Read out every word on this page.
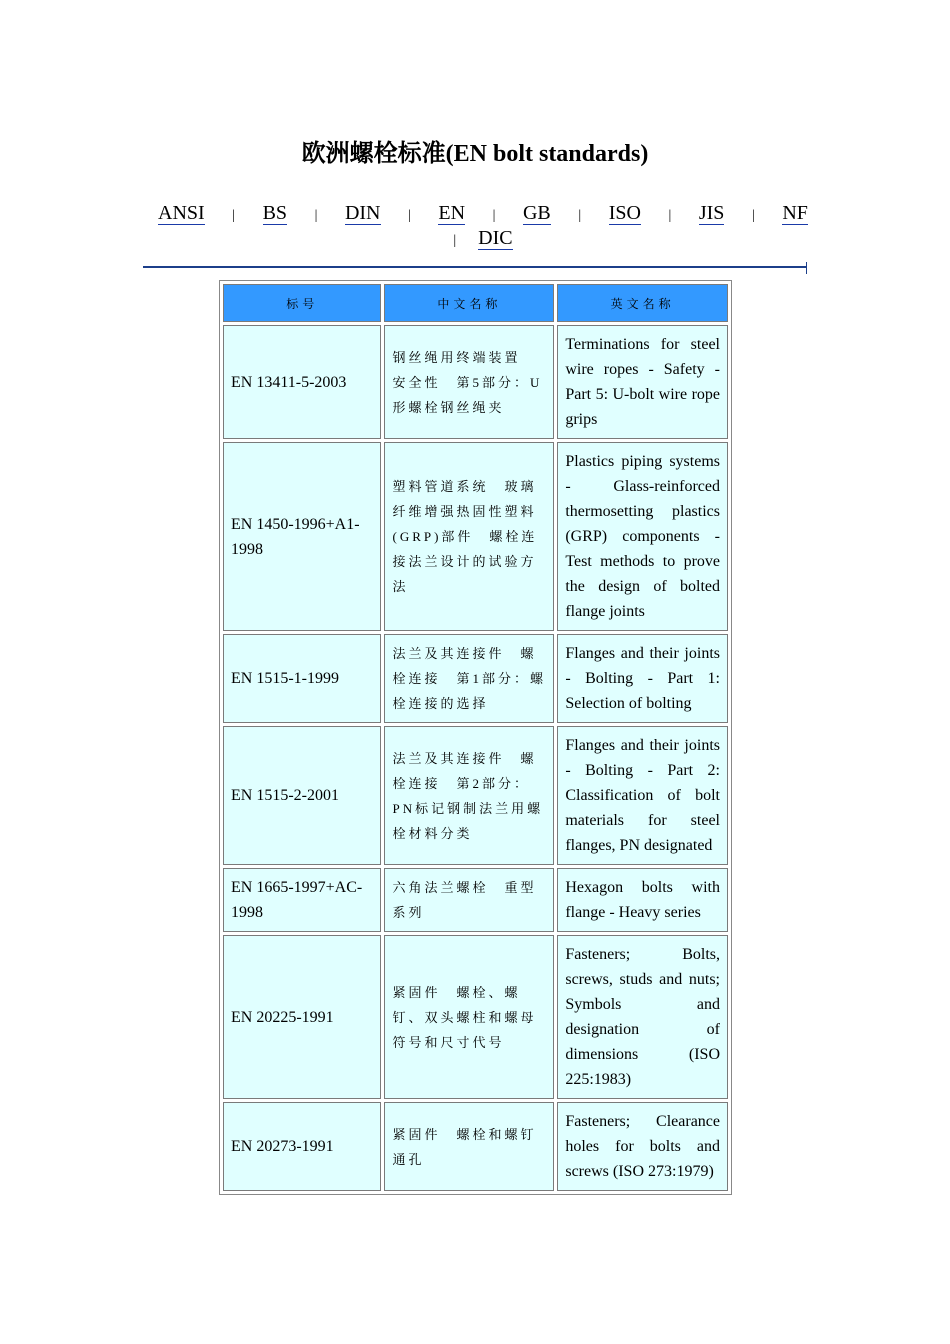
欧洲螺栓标准(EN bolt standards)
ANSI | BS | DIN | EN | GB | ISO | JIS | NF
| DIC
标号	中文名称	英文名称
EN 13411-5-2003	钢丝绳用终端装置　安全性　第5部分：U形螺栓钢丝绳夹	Terminations for steel wire ropes - Safety - Part 5: U-bolt wire rope grips
EN 1450-1996+A1-1998	塑料管道系统　玻璃纤维增强热固性塑料(GRP)部件　螺栓连接法兰设计的试验方法	Plastics piping systems - Glass-reinforced thermosetting plastics (GRP) components - Test methods to prove the design of bolted flange joints
EN 1515-1-1999	法兰及其连接件　螺栓连接　第1部分：螺栓连接的选择	Flanges and their joints - Bolting - Part 1: Selection of bolting
EN 1515-2-2001	法兰及其连接件　螺栓连接　第2部分：PN标记钢制法兰用螺栓材料分类	Flanges and their joints - Bolting - Part 2: Classification of bolt materials for steel flanges, PN designated
EN 1665-1997+AC-1998	六角法兰螺栓　重型系列	Hexagon bolts with flange - Heavy series
EN 20225-1991	紧固件　螺栓、螺钉、双头螺柱和螺母　符号和尺寸代号	Fasteners; Bolts, screws, studs and nuts; Symbols and designation of dimensions (ISO 225:1983)
EN 20273-1991	紧固件　螺栓和螺钉通孔	Fasteners; Clearance holes for bolts and screws (ISO 273:1979)
